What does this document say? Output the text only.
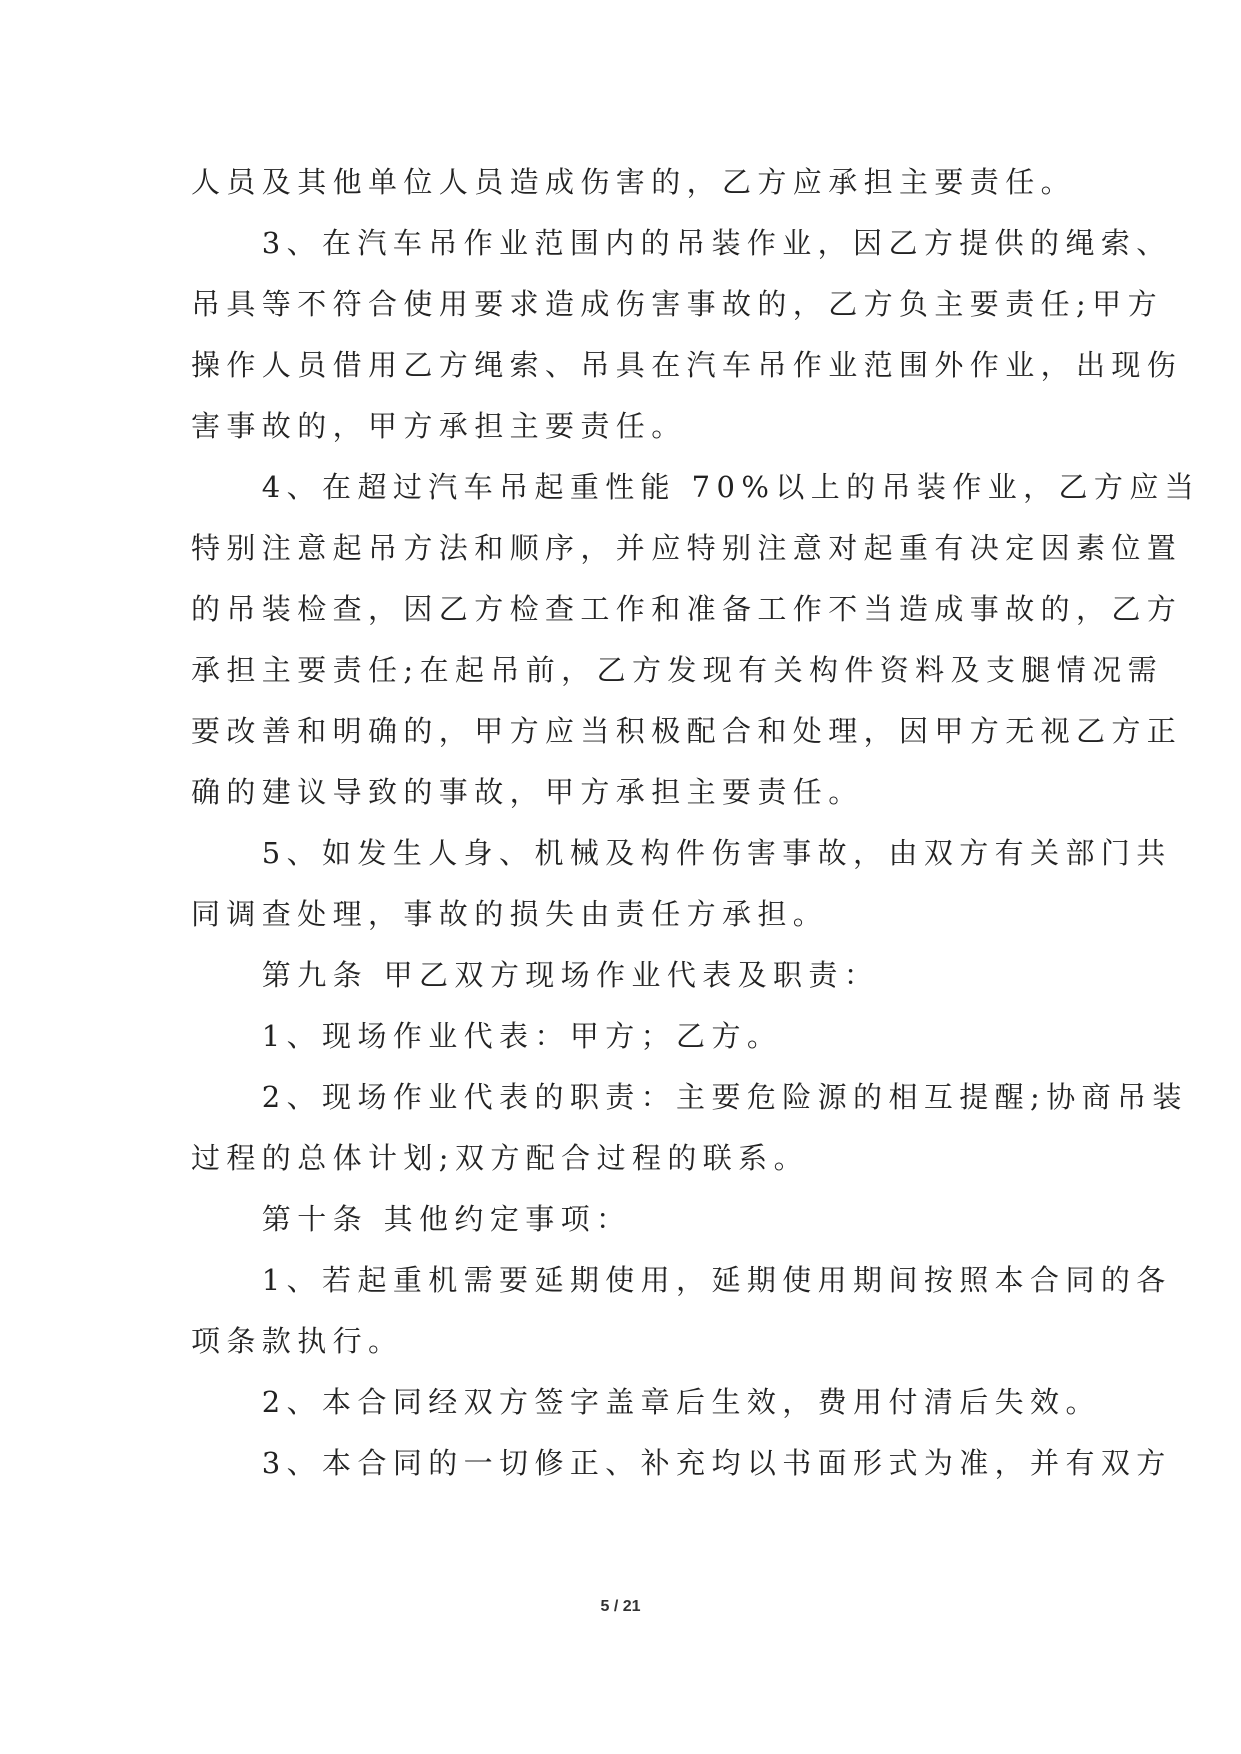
人员及其他单位人员造成伤害的，乙方应承担主要责任。
　　3、在汽车吊作业范围内的吊装作业，因乙方提供的绳索、
吊具等不符合使用要求造成伤害事故的，乙方负主要责任;甲方
操作人员借用乙方绳索、吊具在汽车吊作业范围外作业，出现伤
害事故的，甲方承担主要责任。
　　4、在超过汽车吊起重性能 70%以上的吊装作业，乙方应当
特别注意起吊方法和顺序，并应特别注意对起重有决定因素位置
的吊装检查，因乙方检查工作和准备工作不当造成事故的，乙方
承担主要责任;在起吊前，乙方发现有关构件资料及支腿情况需
要改善和明确的，甲方应当积极配合和处理，因甲方无视乙方正
确的建议导致的事故，甲方承担主要责任。
　　5、如发生人身、机械及构件伤害事故，由双方有关部门共
同调查处理，事故的损失由责任方承担。
　　第九条 甲乙双方现场作业代表及职责：
　　1、现场作业代表：甲方；乙方。
　　2、现场作业代表的职责：主要危险源的相互提醒;协商吊装
过程的总体计划;双方配合过程的联系。
　　第十条 其他约定事项：
　　1、若起重机需要延期使用，延期使用期间按照本合同的各
项条款执行。
　　2、本合同经双方签字盖章后生效，费用付清后失效。
　　3、本合同的一切修正、补充均以书面形式为准，并有双方
5 / 21
